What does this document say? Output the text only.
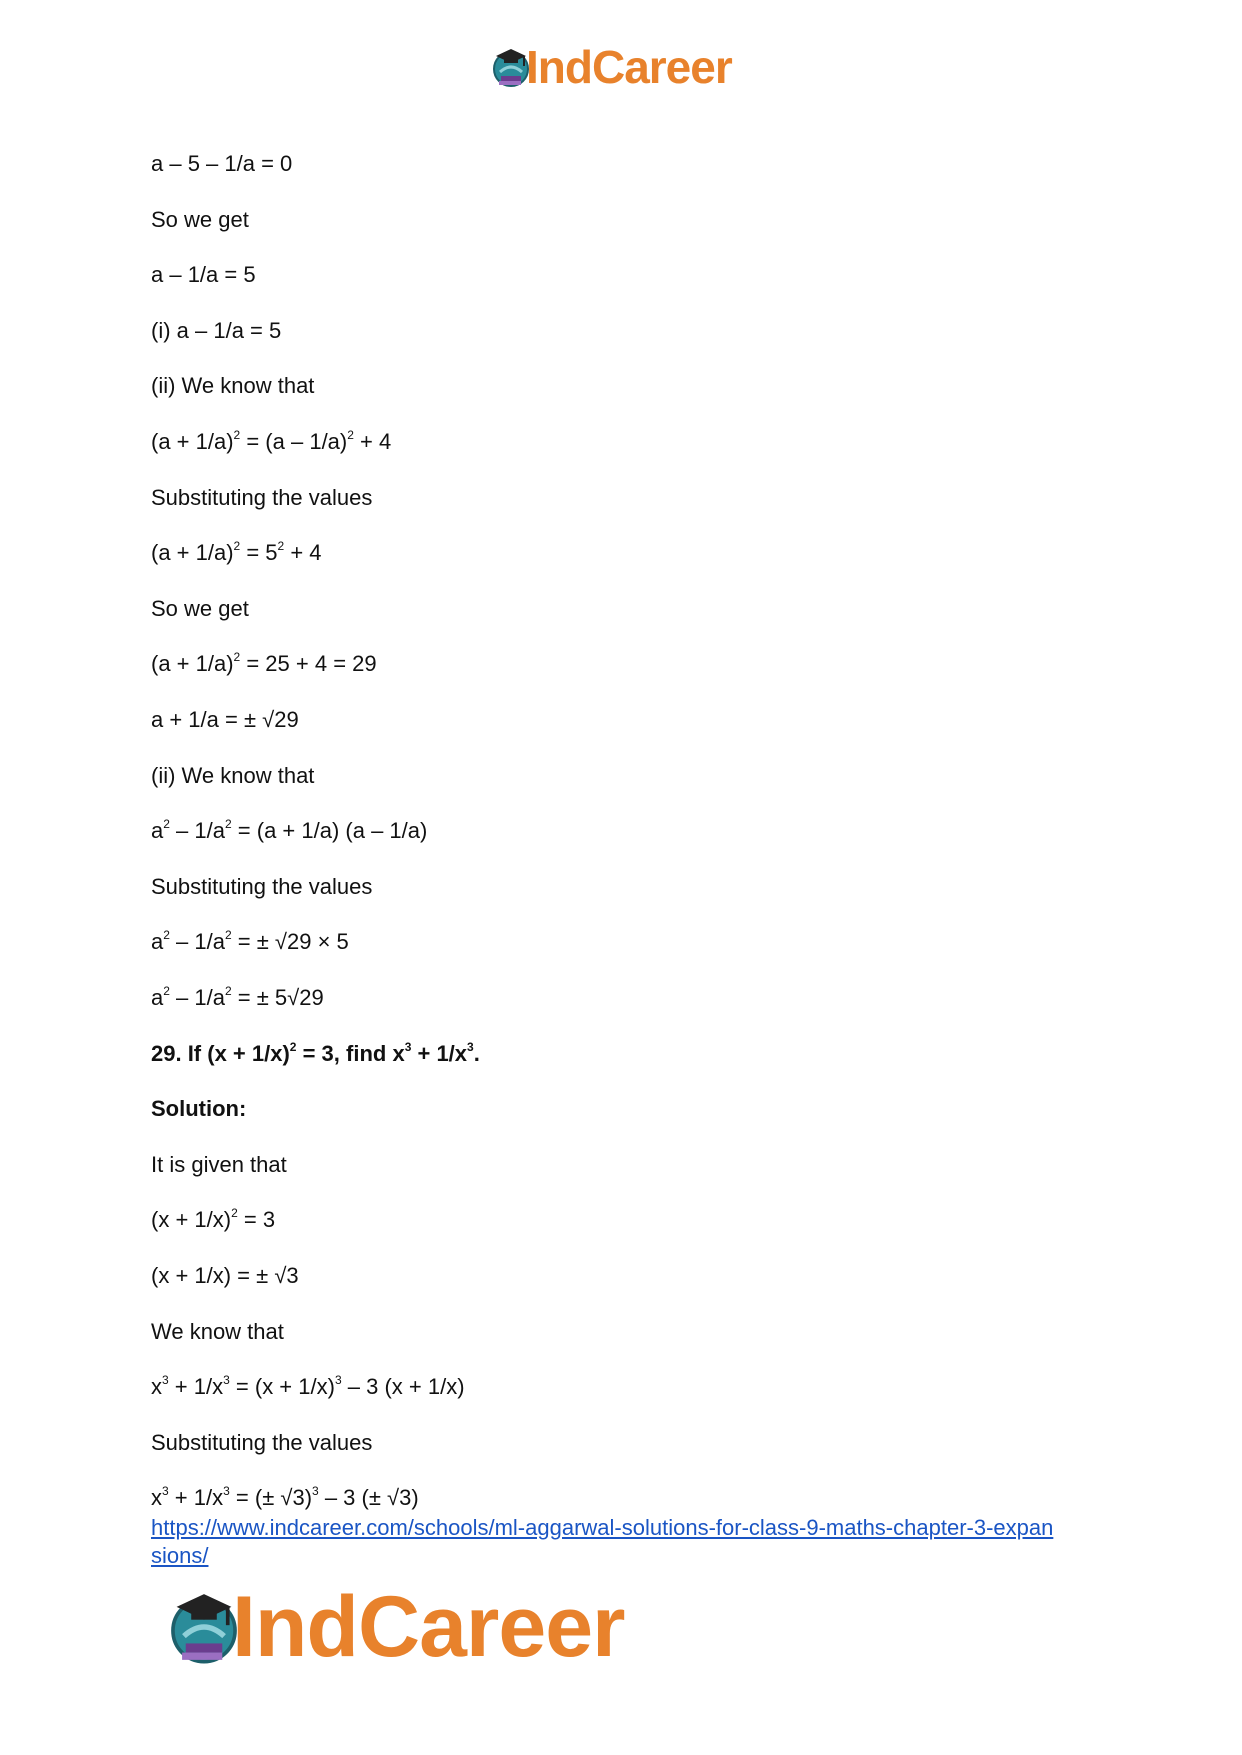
IndCareer
a – 5 – 1/a = 0
So we get
a – 1/a = 5
(i) a – 1/a = 5
(ii) We know that
$(a + 1/a)^2 = (a - 1/a)^2 + 4$
Substituting the values
$(a + 1/a)^2 = 5^2 + 4$
So we get
$(a + 1/a)^2 = 25 + 4 = 29$
a + 1/a = ± √29
(ii) We know that
$a^2 - 1/a^2 = (a + 1/a)$ (a – 1/a)
Substituting the values
$a^2 - 1/a^2$ = ± √29 × 5
$a^2 - 1/a^2$ = ± 5√29
29. If $(x + 1/x)^2 = 3$, find $x^3 + 1/x^3$.
Solution:
It is given that
$(x + 1/x)^2 = 3$
(x + 1/x) = ± √3
We know that
$x^3 + 1/x^3 = (x + 1/x)^3 - 3$ (x + 1/x)
Substituting the values
$x^3 + 1/x^3$ = (± √3)$^3$ – 3 (± √3)
https://www.indcareer.com/schools/ml-aggarwal-solutions-for-class-9-maths-chapter-3-expan
sions/
IndCareer
